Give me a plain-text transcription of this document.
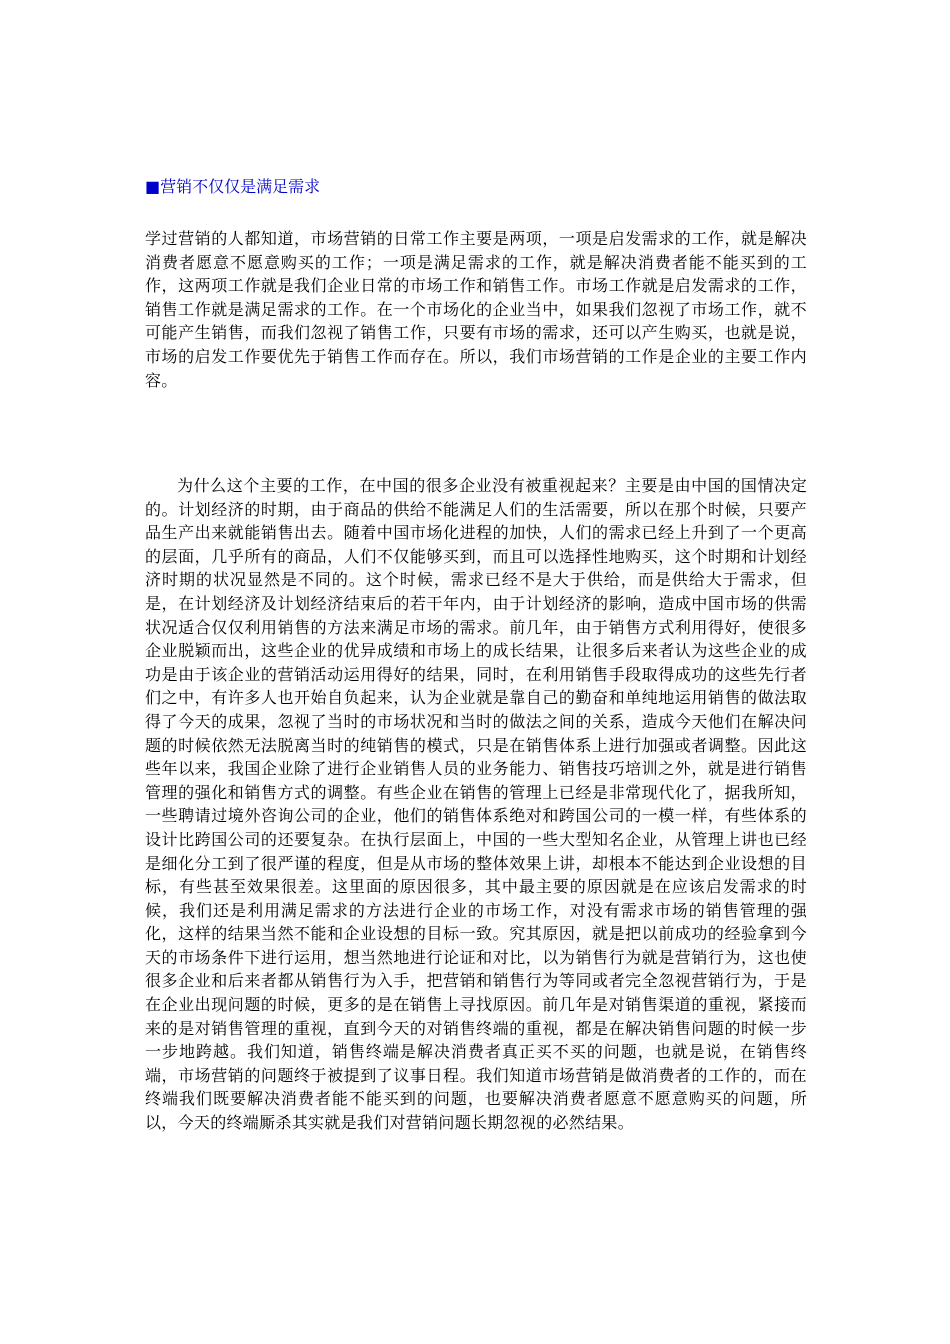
■营销不仅仅是满足需求
学过营销的人都知道，市场营销的日常工作主要是两项，一项是启发需求的工作，就是解决消费者愿意不愿意购买的工作；一项是满足需求的工作，就是解决消费者能不能买到的工作，这两项工作就是我们企业日常的市场工作和销售工作。市场工作就是启发需求的工作，销售工作就是满足需求的工作。在一个市场化的企业当中，如果我们忽视了市场工作，就不可能产生销售，而我们忽视了销售工作，只要有市场的需求，还可以产生购买，也就是说，市场的启发工作要优先于销售工作而存在。所以，我们市场营销的工作是企业的主要工作内容。
为什么这个主要的工作，在中国的很多企业没有被重视起来？主要是由中国的国情决定的。计划经济的时期，由于商品的供给不能满足人们的生活需要，所以在那个时候，只要产品生产出来就能销售出去。随着中国市场化进程的加快，人们的需求已经上升到了一个更高的层面，几乎所有的商品，人们不仅能够买到，而且可以选择性地购买，这个时期和计划经济时期的状况显然是不同的。这个时候，需求已经不是大于供给，而是供给大于需求，但是，在计划经济及计划经济结束后的若干年内，由于计划经济的影响，造成中国市场的供需状况适合仅仅利用销售的方法来满足市场的需求。前几年，由于销售方式利用得好，使很多企业脱颖而出，这些企业的优异成绩和市场上的成长结果，让很多后来者认为这些企业的成功是由于该企业的营销活动运用得好的结果，同时，在利用销售手段取得成功的这些先行者们之中，有许多人也开始自负起来，认为企业就是靠自己的勤奋和单纯地运用销售的做法取得了今天的成果，忽视了当时的市场状况和当时的做法之间的关系，造成今天他们在解决问题的时候依然无法脱离当时的纯销售的模式，只是在销售体系上进行加强或者调整。因此这些年以来，我国企业除了进行企业销售人员的业务能力、销售技巧培训之外，就是进行销售管理的强化和销售方式的调整。有些企业在销售的管理上已经是非常现代化了，据我所知，一些聘请过境外咨询公司的企业，他们的销售体系绝对和跨国公司的一模一样，有些体系的设计比跨国公司的还要复杂。在执行层面上，中国的一些大型知名企业，从管理上讲也已经是细化分工到了很严谨的程度，但是从市场的整体效果上讲，却根本不能达到企业设想的目标，有些甚至效果很差。这里面的原因很多，其中最主要的原因就是在应该启发需求的时候，我们还是利用满足需求的方法进行企业的市场工作，对没有需求市场的销售管理的强化，这样的结果当然不能和企业设想的目标一致。究其原因，就是把以前成功的经验拿到今天的市场条件下进行运用，想当然地进行论证和对比，以为销售行为就是营销行为，这也使很多企业和后来者都从销售行为入手，把营销和销售行为等同或者完全忽视营销行为，于是在企业出现问题的时候，更多的是在销售上寻找原因。前几年是对销售渠道的重视，紧接而来的是对销售管理的重视，直到今天的对销售终端的重视，都是在解决销售问题的时候一步一步地跨越。我们知道，销售终端是解决消费者真正买不买的问题，也就是说，在销售终端，市场营销的问题终于被提到了议事日程。我们知道市场营销是做消费者的工作的，而在终端我们既要解决消费者能不能买到的问题，也要解决消费者愿意不愿意购买的问题，所以，今天的终端厮杀其实就是我们对营销问题长期忽视的必然结果。
